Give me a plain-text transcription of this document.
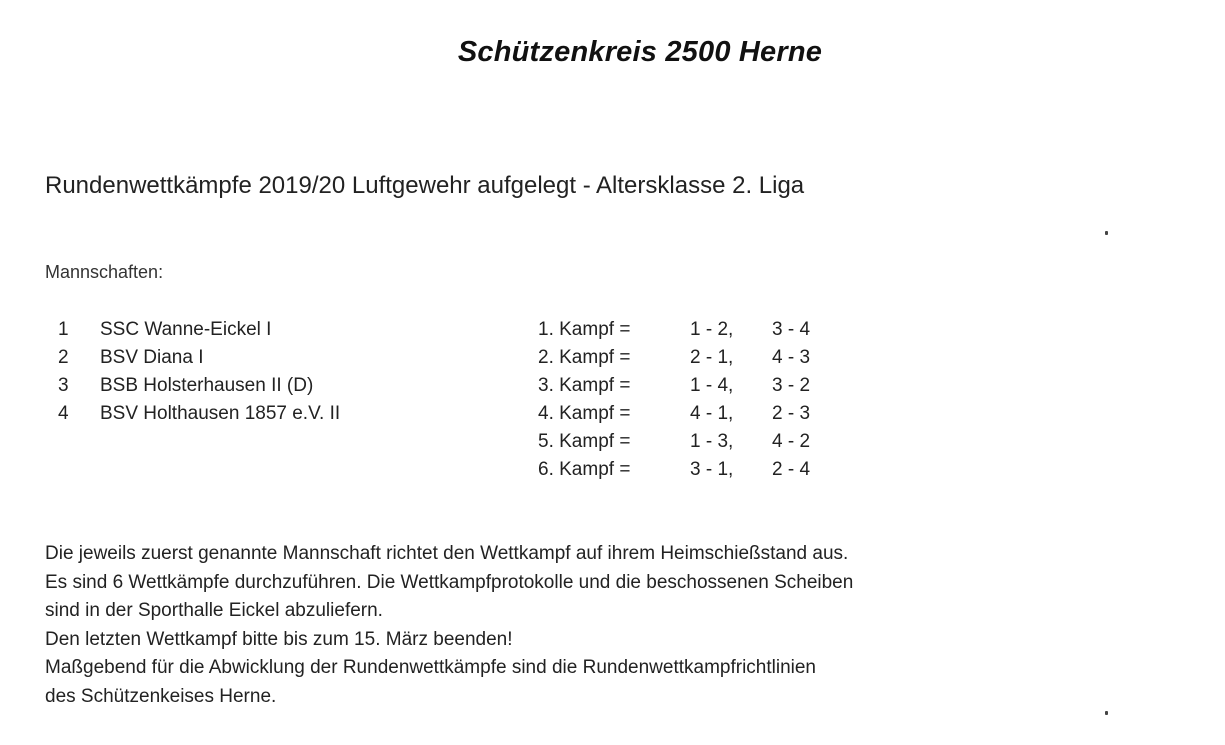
Schützenkreis 2500 Herne
Rundenwettkämpfe 2019/20 Luftgewehr aufgelegt - Altersklasse 2. Liga
Mannschaften:
1 SSC Wanne-Eickel I
2 BSV Diana I
3 BSB Holsterhausen II (D)
4 BSV Holthausen 1857 e.V. II
1. Kampf =	1 - 2, 3 - 4
2. Kampf =	2 - 1, 4 - 3
3. Kampf =	1 - 4, 3 - 2
4. Kampf =	4 - 1, 2 - 3
5. Kampf =	1 - 3, 4 - 2
6. Kampf =	3 - 1, 2 - 4
Die jeweils zuerst genannte Mannschaft richtet den Wettkampf auf ihrem Heimschießstand aus.
Es sind 6 Wettkämpfe durchzuführen. Die Wettkampfprotokolle und die beschossenen Scheiben
sind in der Sporthalle Eickel abzuliefern.
Den letzten Wettkampf bitte bis zum 15. März beenden!
Maßgebend für die Abwicklung der Rundenwettkämpfe sind die Rundenwettkampfrichtlinien
des Schützenkeises Herne.
